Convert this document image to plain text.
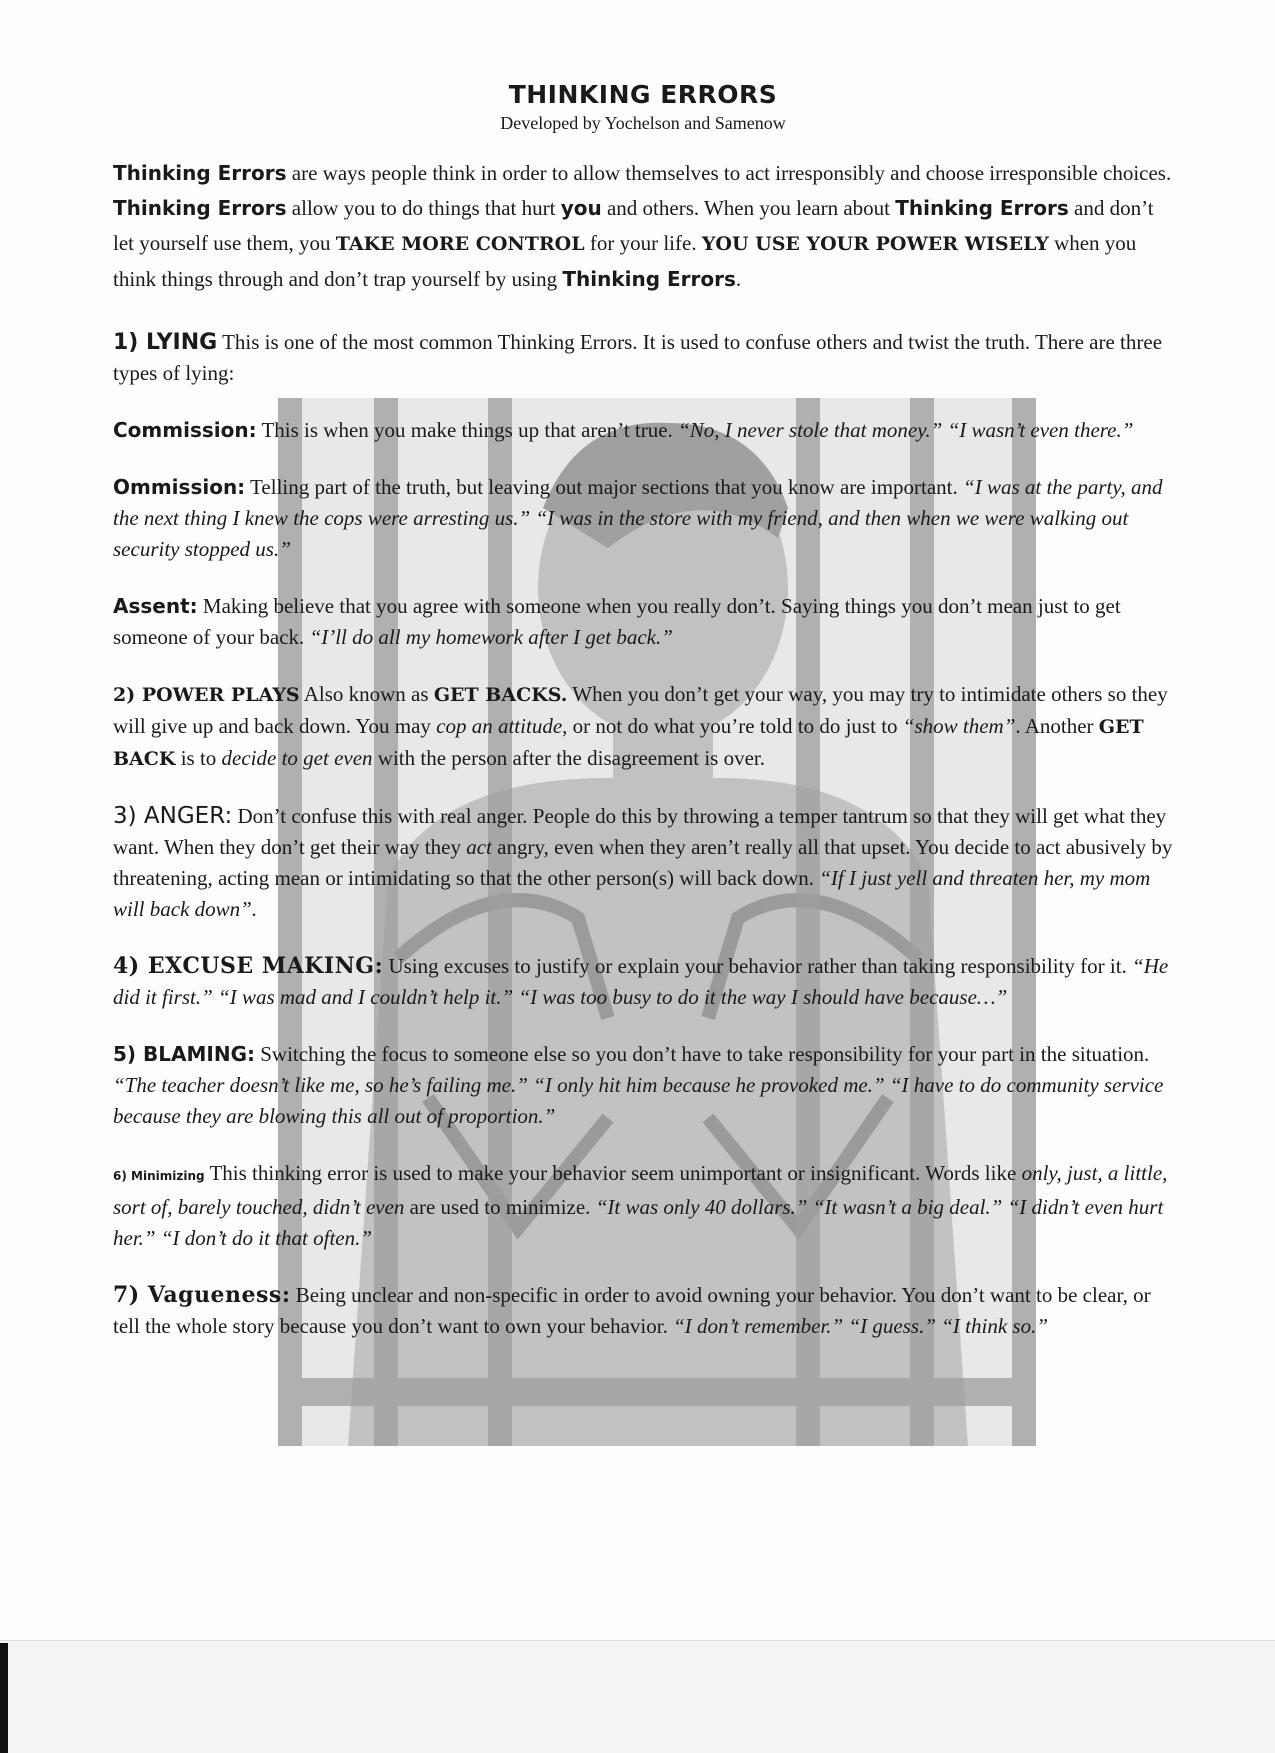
THINKING ERRORS
Developed by Yochelson and Samenow

Thinking Errors are ways people think in order to allow themselves to act irresponsibly and choose irresponsible choices. Thinking Errors allow you to do things that hurt you and others. When you learn about Thinking Errors and don’t let yourself use them, you TAKE MORE CONTROL for your life. YOU USE YOUR POWER WISELY when you think things through and don’t trap yourself by using Thinking Errors.

1) LYING This is one of the most common Thinking Errors. It is used to confuse others and twist the truth. There are three types of lying:

Commission: This is when you make things up that aren’t true. “No, I never stole that money.” “I wasn’t even there.”

Ommission: Telling part of the truth, but leaving out major sections that you know are important. “I was at the party, and the next thing I knew the cops were arresting us.” “I was in the store with my friend, and then when we were walking out security stopped us.”

Assent: Making believe that you agree with someone when you really don’t. Saying things you don’t mean just to get someone of your back. “I’ll do all my homework after I get back.”

2) POWER PLAYS Also known as GET BACKS. When you don’t get your way, you may try to intimidate others so they will give up and back down. You may cop an attitude, or not do what you’re told to do just to “show them”. Another GET BACK is to decide to get even with the person after the disagreement is over.

3) ANGER: Don’t confuse this with real anger. People do this by throwing a temper tantrum so that they will get what they want. When they don’t get their way they act angry, even when they aren’t really all that upset. You decide to act abusively by threatening, acting mean or intimidating so that the other person(s) will back down. “If I just yell and threaten her, my mom will back down”.

4) EXCUSE MAKING: Using excuses to justify or explain your behavior rather than taking responsibility for it. “He did it first.” “I was mad and I couldn’t help it.” “I was too busy to do it the way I should have because…”

5) BLAMING: Switching the focus to someone else so you don’t have to take responsibility for your part in the situation. “The teacher doesn’t like me, so he’s failing me.” “I only hit him because he provoked me.” “I have to do community service because they are blowing this all out of proportion.”

6) Minimizing This thinking error is used to make your behavior seem unimportant or insignificant. Words like only, just, a little, sort of, barely touched, didn’t even are used to minimize. “It was only 40 dollars.” “It wasn’t a big deal.” “I didn’t even hurt her.” “I don’t do it that often.”

7) Vagueness: Being unclear and non-specific in order to avoid owning your behavior. You don’t want to be clear, or tell the whole story because you don’t want to own your behavior. “I don’t remember.” “I guess.” “I think so.”
